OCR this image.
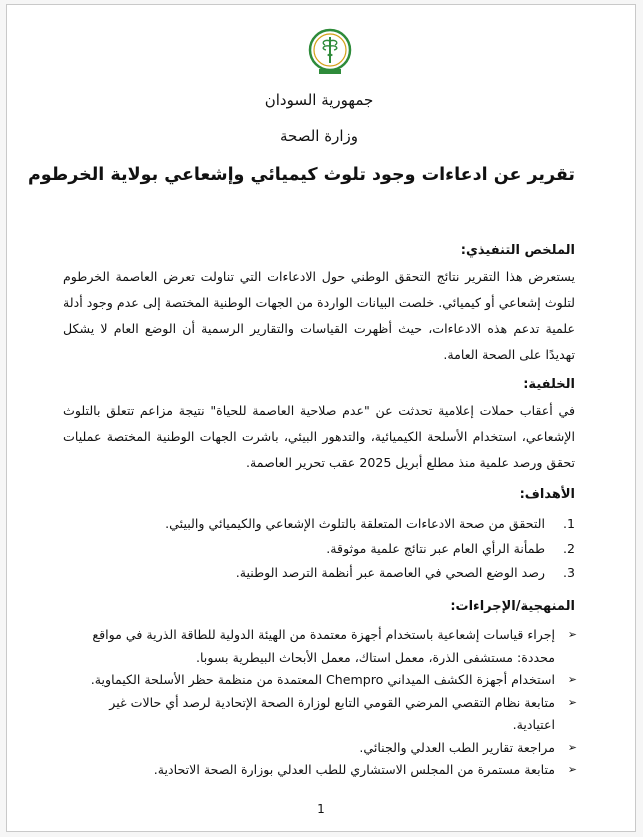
جمهورية السودان
وزارة الصحة
تقرير عن ادعاءات وجود تلوث كيميائي وإشعاعي بولاية الخرطوم
الملخص التنفيذي:
يستعرض هذا التقرير نتائج التحقق الوطني حول الادعاءات التي تناولت تعرض العاصمة الخرطوم لتلوث إشعاعي أو كيميائي. خلصت البيانات الواردة من الجهات الوطنية المختصة إلى عدم وجود أدلة علمية تدعم هذه الادعاءات، حيث أظهرت القياسات والتقارير الرسمية أن الوضع العام لا يشكل تهديدًا على الصحة العامة.
الخلفية:
في أعقاب حملات إعلامية تحدثت عن "عدم صلاحية العاصمة للحياة" نتيجة مزاعم تتعلق بالتلوث الإشعاعي، استخدام الأسلحة الكيميائية، والتدهور البيئي، باشرت الجهات الوطنية المختصة عمليات تحقق ورصد علمية منذ مطلع أبريل 2025 عقب تحرير العاصمة.
الأهداف:
1.
التحقق من صحة الادعاءات المتعلقة بالتلوث الإشعاعي والكيميائي والبيئي.
2.
طمأنة الرأي العام عبر نتائج علمية موثوقة.
3.
رصد الوضع الصحي في العاصمة عبر أنظمة الترصد الوطنية.
المنهجية/الإجراءات:
➢
إجراء قياسات إشعاعية باستخدام أجهزة معتمدة من الهيئة الدولية للطاقة الذرية في مواقع محددة: مستشفى الذرة، معمل استاك، معمل الأبحاث البيطرية بسوبا.
➢
استخدام أجهزة الكشف الميداني Chempro المعتمدة من منظمة حظر الأسلحة الكيماوية.
➢
متابعة نظام التقصي المرضي القومي التابع لوزارة الصحة الإتحادية لرصد أي حالات غير اعتيادية.
➢
مراجعة تقارير الطب العدلي والجنائي.
➢
متابعة مستمرة من المجلس الاستشاري للطب العدلي بوزارة الصحة الاتحادية.
1
